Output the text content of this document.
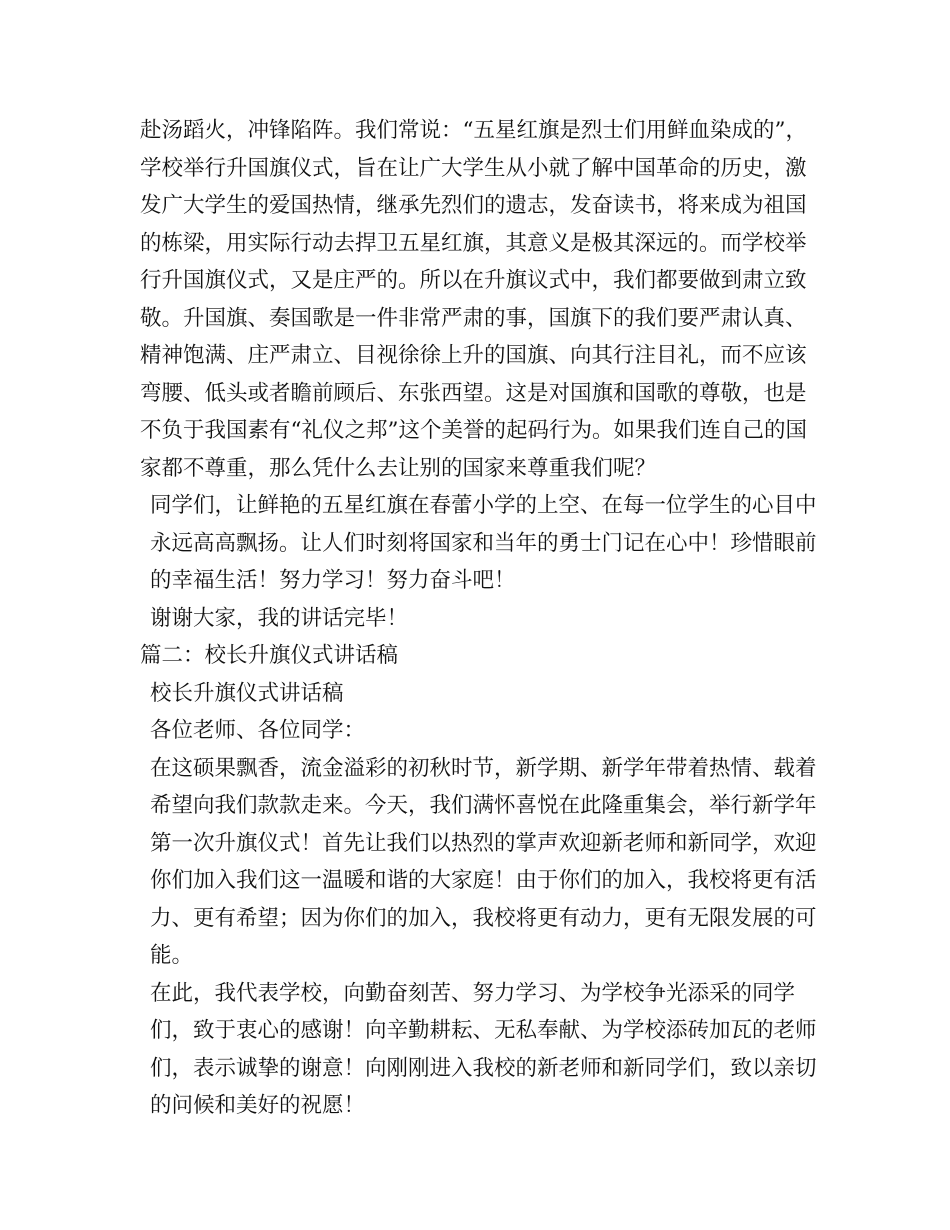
赴汤蹈火，冲锋陷阵。我们常说：“五星红旗是烈士们用鲜血染成的”，学校举行升国旗仪式，旨在让广大学生从小就了解中国革命的历史，激发广大学生的爱国热情，继承先烈们的遗志，发奋读书，将来成为祖国的栋梁，用实际行动去捍卫五星红旗，其意义是极其深远的。而学校举行升国旗仪式，又是庄严的。所以在升旗议式中，我们都要做到肃立致敬。升国旗、奏国歌是一件非常严肃的事，国旗下的我们要严肃认真、精神饱满、庄严肃立、目视徐徐上升的国旗、向其行注目礼，而不应该弯腰、低头或者瞻前顾后、东张西望。这是对国旗和国歌的尊敬，也是不负于我国素有“礼仪之邦”这个美誉的起码行为。如果我们连自己的国家都不尊重，那么凭什么去让别的国家来尊重我们呢？

同学们，让鲜艳的五星红旗在春蕾小学的上空、在每一位学生的心目中永远高高飘扬。让人们时刻将国家和当年的勇士门记在心中！珍惜眼前的幸福生活！努力学习！努力奋斗吧！

谢谢大家，我的讲话完毕！

篇二：校长升旗仪式讲话稿

校长升旗仪式讲话稿

各位老师、各位同学：

在这硕果飘香，流金溢彩的初秋时节，新学期、新学年带着热情、载着希望向我们款款走来。今天，我们满怀喜悦在此隆重集会，举行新学年第一次升旗仪式！首先让我们以热烈的掌声欢迎新老师和新同学，欢迎你们加入我们这一温暖和谐的大家庭！由于你们的加入，我校将更有活力、更有希望；因为你们的加入，我校将更有动力，更有无限发展的可能。

在此，我代表学校，向勤奋刻苦、努力学习、为学校争光添采的同学们，致于衷心的感谢！向辛勤耕耘、无私奉献、为学校添砖加瓦的老师们，表示诚挚的谢意！向刚刚进入我校的新老师和新同学们，致以亲切的问候和美好的祝愿！
